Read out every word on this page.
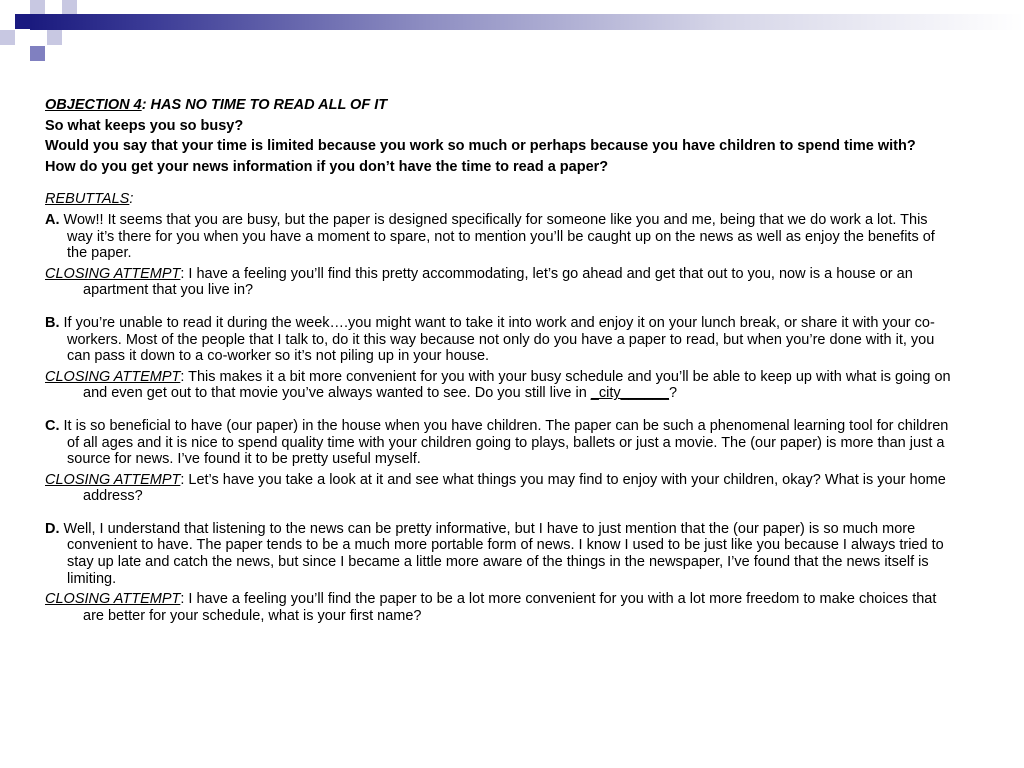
OBJECTION 4: HAS NO TIME TO READ ALL OF IT

So what keeps you so busy?

Would you say that your time is limited because you work so much or perhaps because you have children to spend time with?

How do you get your news information if you don’t have the time to read a paper?

REBUTTALS:

A. Wow!! It seems that you are busy, but the paper is designed specifically for someone like you and me, being that we do work a lot. This way it’s there for you when you have a moment to spare, not to mention you’ll be caught up on the news as well as enjoy the benefits of the paper.

CLOSING ATTEMPT: I have a feeling you’ll find this pretty accommodating, let’s go ahead and get that out to you, now is a house or an apartment that you live in?

B. If you’re unable to read it during the week….you might want to take it into work and enjoy it on your lunch break, or share it with your co-workers. Most of the people that I talk to, do it this way because not only do you have a paper to read, but when you’re done with it, you can pass it down to a co-worker so it’s not piling up in your house.

CLOSING ATTEMPT: This makes it a bit more convenient for you with your busy schedule and you’ll be able to keep up with what is going on and even get out to that movie you’ve always wanted to see. Do you still live in _city______?

C. It is so beneficial to have (our paper) in the house when you have children. The paper can be such a phenomenal learning tool for children of all ages and it is nice to spend quality time with your children going to plays, ballets or just a movie. The (our paper) is more than just a source for news. I’ve found it to be pretty useful myself.

CLOSING ATTEMPT: Let’s have you take a look at it and see what things you may find to enjoy with your children, okay? What is your home address?

D. Well, I understand that listening to the news can be pretty informative, but I have to just mention that the (our paper) is so much more convenient to have. The paper tends to be a much more portable form of news. I know I used to be just like you because I always tried to stay up late and catch the news, but since I became a little more aware of the things in the newspaper, I’ve found that the news itself is limiting.

CLOSING ATTEMPT: I have a feeling you’ll find the paper to be a lot more convenient for you with a lot more freedom to make choices that are better for your schedule, what is your first name?
